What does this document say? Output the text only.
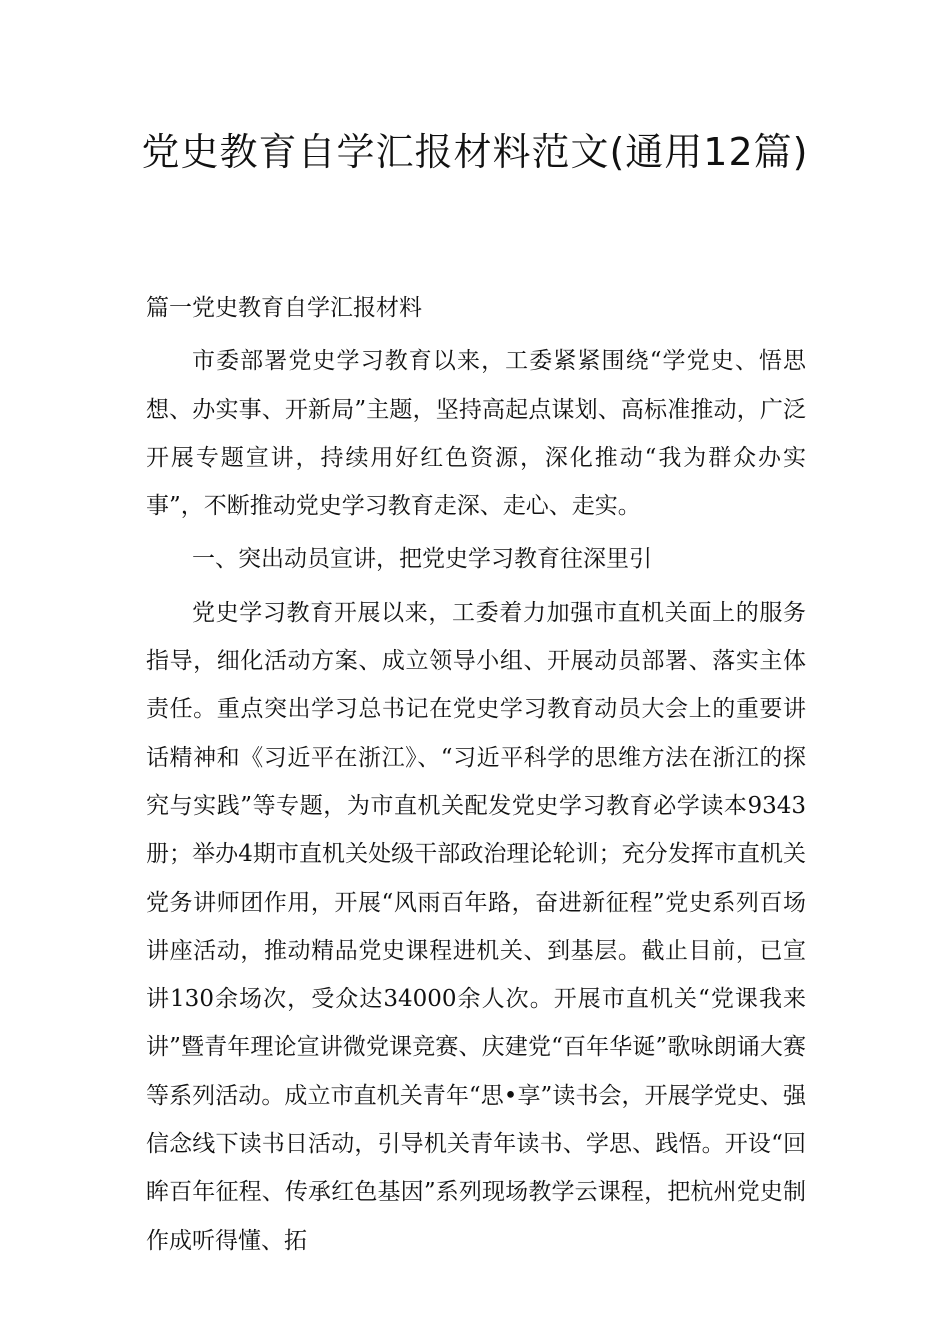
党史教育自学汇报材料范文(通用12篇)

篇一党史教育自学汇报材料

市委部署党史学习教育以来，工委紧紧围绕“学党史、悟思想、办实事、开新局”主题，坚持高起点谋划、高标准推动，广泛开展专题宣讲，持续用好红色资源，深化推动“我为群众办实事”，不断推动党史学习教育走深、走心、走实。

一、突出动员宣讲，把党史学习教育往深里引

党史学习教育开展以来，工委着力加强市直机关面上的服务指导，细化活动方案、成立领导小组、开展动员部署、落实主体责任。重点突出学习总书记在党史学习教育动员大会上的重要讲话精神和《习近平在浙江》、“习近平科学的思维方法在浙江的探究与实践”等专题，为市直机关配发党史学习教育必学读本9343册；举办4期市直机关处级干部政治理论轮训；充分发挥市直机关党务讲师团作用，开展“风雨百年路，奋进新征程”党史系列百场讲座活动，推动精品党史课程进机关、到基层。截止目前，已宣讲130余场次，受众达34000余人次。开展市直机关“党课我来讲”暨青年理论宣讲微党课竞赛、庆建党“百年华诞”歌咏朗诵大赛等系列活动。成立市直机关青年“思•享”读书会，开展学党史、强信念线下读书日活动，引导机关青年读书、学思、践悟。开设“回眸百年征程、传承红色基因”系列现场教学云课程，把杭州党史制作成听得懂、拓
